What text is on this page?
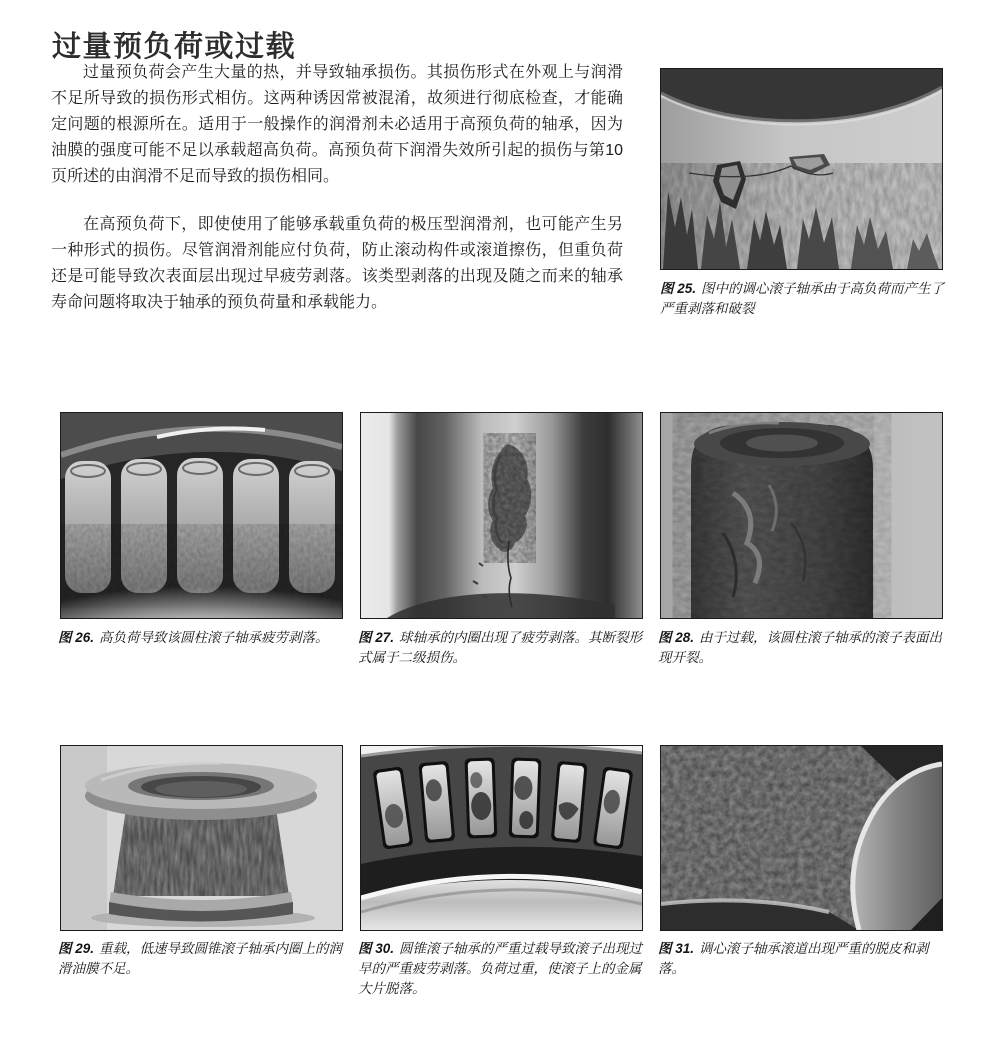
过量预负荷或过载

过量预负荷会产生大量的热，并导致轴承损伤。其损伤形式在外观上与润滑不足所导致的损伤形式相仿。这两种诱因常被混淆，故须进行彻底检查，才能确定问题的根源所在。适用于一般操作的润滑剂未必适用于高预负荷的轴承，因为油膜的强度可能不足以承载超高负荷。高预负荷下润滑失效所引起的损伤与第10页所述的由润滑不足而导致的损伤相同。

在高预负荷下，即使使用了能够承载重负荷的极压型润滑剂，也可能产生另一种形式的损伤。尽管润滑剂能应付负荷，防止滚动构件或滚道擦伤，但重负荷还是可能导致次表面层出现过早疲劳剥落。该类型剥落的出现及随之而来的轴承寿命问题将取决于轴承的预负荷量和承载能力。

图 25. 图中的调心滚子轴承由于高负荷而产生了严重剥落和破裂

图 26. 高负荷导致该圆柱滚子轴承疲劳剥落。	图 27. 球轴承的内圈出现了疲劳剥落。其断裂形式属于二级损伤。

图 28. 由于过载，该圆柱滚子轴承的滚子表面出现开裂。

图 29. 重载，低速导致圆锥滚子轴承内圈上的润滑油膜不足。

图 30. 圆锥滚子轴承的严重过载导致滚子出现过早的严重疲劳剥落。负荷过重，使滚子上的金属大片脱落。

图 31. 调心滚子轴承滚道出现严重的脱皮和剥落。
